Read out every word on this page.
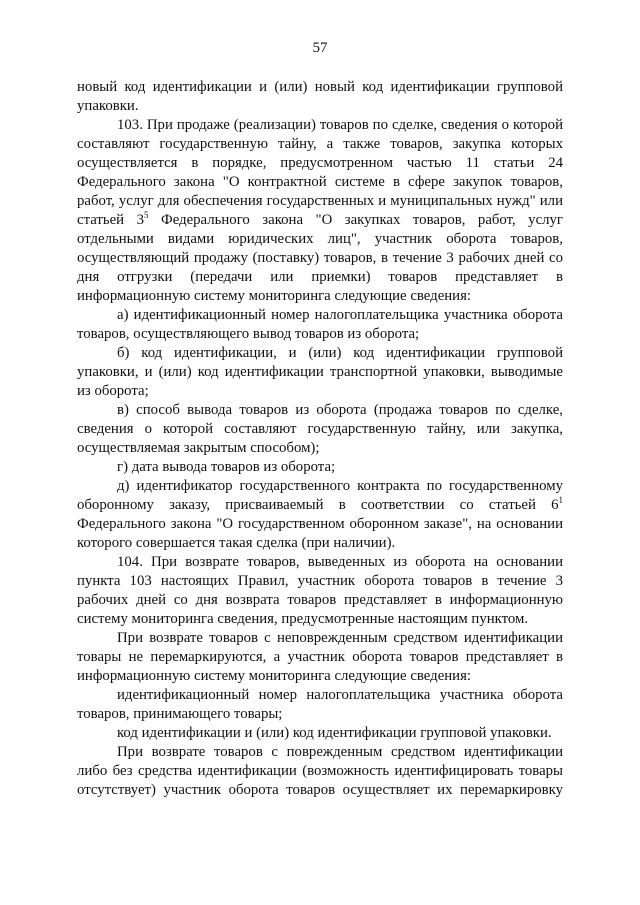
57

новый код идентификации и (или) новый код идентификации групповой упаковки.

103. При продаже (реализации) товаров по сделке, сведения о которой составляют государственную тайну, а также товаров, закупка которых осуществляется в порядке, предусмотренном частью 11 статьи 24 Федерального закона "О контрактной системе в сфере закупок товаров, работ, услуг для обеспечения государственных и муниципальных нужд" или статьей $3^5$ Федерального закона "О закупках товаров, работ, услуг отдельными видами юридических лиц", участник оборота товаров, осуществляющий продажу (поставку) товаров, в течение 3 рабочих дней со дня отгрузки (передачи или приемки) товаров представляет в информационную систему мониторинга следующие сведения:

а) идентификационный номер налогоплательщика участника оборота товаров, осуществляющего вывод товаров из оборота;

б) код идентификации, и (или) код идентификации групповой упаковки, и (или) код идентификации транспортной упаковки, выводимые из оборота;

в) способ вывода товаров из оборота (продажа товаров по сделке, сведения о которой составляют государственную тайну, или закупка, осуществляемая закрытым способом);

г) дата вывода товаров из оборота;

д) идентификатор государственного контракта по государственному оборонному заказу, присваиваемый в соответствии со статьей $6^1$ Федерального закона "О государственном оборонном заказе", на основании которого совершается такая сделка (при наличии).

104. При возврате товаров, выведенных из оборота на основании пункта 103 настоящих Правил, участник оборота товаров в течение 3 рабочих дней со дня возврата товаров представляет в информационную систему мониторинга сведения, предусмотренные настоящим пунктом.

При возврате товаров с неповрежденным средством идентификации товары не перемаркируются, а участник оборота товаров представляет в информационную систему мониторинга следующие сведения:

идентификационный номер налогоплательщика участника оборота товаров, принимающего товары;

код идентификации и (или) код идентификации групповой упаковки.

При возврате товаров с поврежденным средством идентификации либо без средства идентификации (возможность идентифицировать товары отсутствует) участник оборота товаров осуществляет их перемаркировку
